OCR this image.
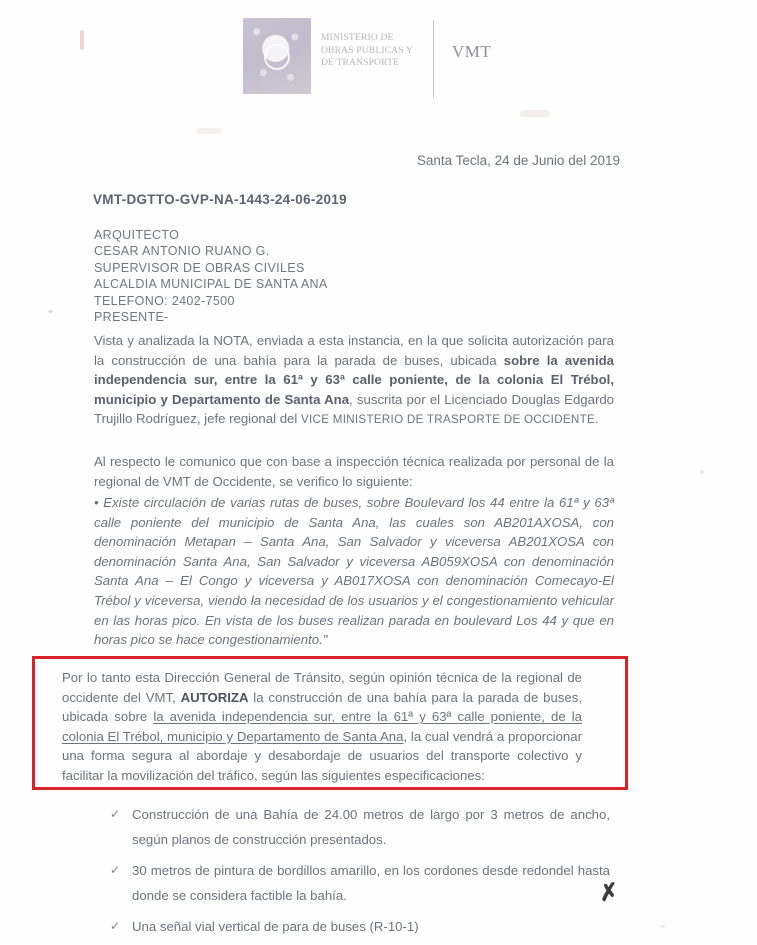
MINISTERIO DE
OBRAS PUBLICAS Y
DE TRANSPORTE
VMT
Santa Tecla, 24 de Junio del 2019
VMT-DGTTO-GVP-NA-1443-24-06-2019
ARQUITECTO
CESAR ANTONIO RUANO G.
SUPERVISOR DE OBRAS CIVILES
ALCALDIA MUNICIPAL DE SANTA ANA
TELEFONO: 2402-7500
PRESENTE-
Vista y analizada la NOTA, enviada a esta instancia, en la que solicita autorización para la construcción de una bahía para la parada de buses, ubicada sobre la avenida independencia sur, entre la 61ª y 63ª calle poniente, de la colonia El Trébol, municipio y Departamento de Santa Ana, suscrita por el Licenciado Douglas Edgardo Trujillo Rodríguez, jefe regional del VICE MINISTERIO DE TRASPORTE DE OCCIDENTE.
Al respecto le comunico que con base a inspección técnica realizada por personal de la regional de VMT de Occidente, se verifico lo siguiente:
• Existe circulación de varias rutas de buses, sobre Boulevard los 44 entre la 61ª y 63ª calle poniente del municipio de Santa Ana, las cuales son AB201AXOSA, con denominación Metapan – Santa Ana, San Salvador y viceversa AB201XOSA con denominación Santa Ana, San Salvador y viceversa AB059XOSA con denominación Santa Ana – El Congo y viceversa y AB017XOSA con denominación Comecayo-El Trébol y viceversa, viendo la necesidad de los usuarios y el congestionamiento vehicular en las horas pico. En vista de los buses realizan parada en boulevard Los 44 y que en horas pico se hace congestionamiento."
Por lo tanto esta Dirección General de Tránsito, según opinión técnica de la regional de occidente del VMT, AUTORIZA la construcción de una bahía para la parada de buses, ubicada sobre la avenida independencia sur, entre la 61ª y 63ª calle poniente, de la colonia El Trébol, municipio y Departamento de Santa Ana, la cual vendrá a proporcionar una forma segura al abordaje y desabordaje de usuarios del transporte colectivo y facilitar la movilización del tráfico, según las siguientes especificaciones:
✓ Construcción de una Bahía de 24.00 metros de largo por 3 metros de ancho, según planos de construcción presentados.
✓ 30 metros de pintura de bordillos amarillo, en los cordones desde redondel hasta donde se considera factible la bahía.
✓ Una señal vial vertical de para de buses (R-10-1)
✗
